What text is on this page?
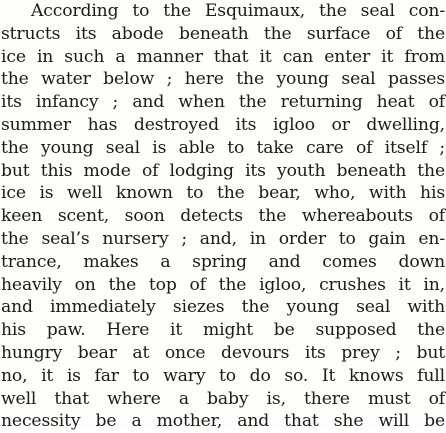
According to the Esquimaux, the seal con-
structs its abode beneath the surface of the
ice in such a manner that it can enter it from
the water below ; here the young seal passes
its infancy ; and when the returning heat of
summer has destroyed its igloo or dwelling,
the young seal is able to take care of itself ;
but this mode of lodging its youth beneath the
ice is well known to the bear, who, with his
keen scent, soon detects the whereabouts of
the seal’s nursery ; and, in order to gain en-
trance, makes a spring and comes down
heavily on the top of the igloo, crushes it in,
and immediately siezes the young seal with
his paw. Here it might be supposed the
hungry bear at once devours its prey ; but
no, it is far to wary to do so. It knows full
well that where a baby is, there must of
necessity be a mother, and that she will be
